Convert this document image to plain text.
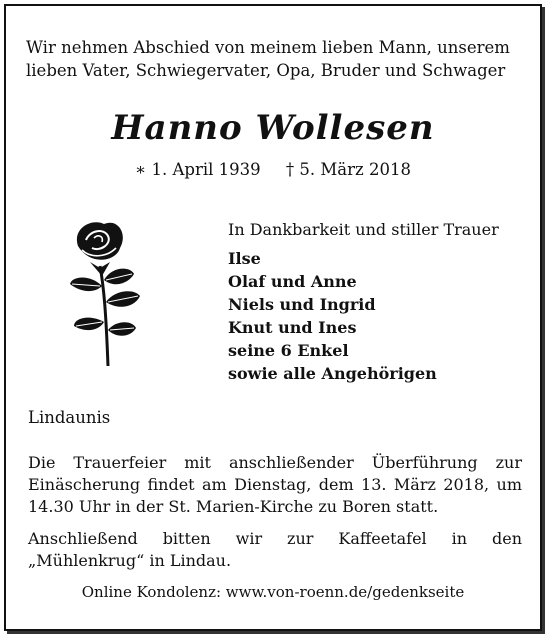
Wir nehmen Abschied von meinem lieben Mann, unserem
lieben Vater, Schwiegervater, Opa, Bruder und Schwager
Hanno Wollesen
∗ 1. April 1939 † 5. März 2018
In Dankbarkeit und stiller Trauer
Ilse
Olaf und Anne
Niels und Ingrid
Knut und Ines
seine 6 Enkel
sowie alle Angehörigen
Lindaunis

Die Trauerfeier mit anschließender Überführung zur Einäscherung findet am Dienstag, dem 13. März 2018, um 14.30 Uhr in der St. Marien-Kirche zu Boren statt.

Anschließend bitten wir zur Kaffeetafel in den „Mühlenkrug“ in Lindau.

Online Kondolenz: www.von-roenn.de/gedenkseite
